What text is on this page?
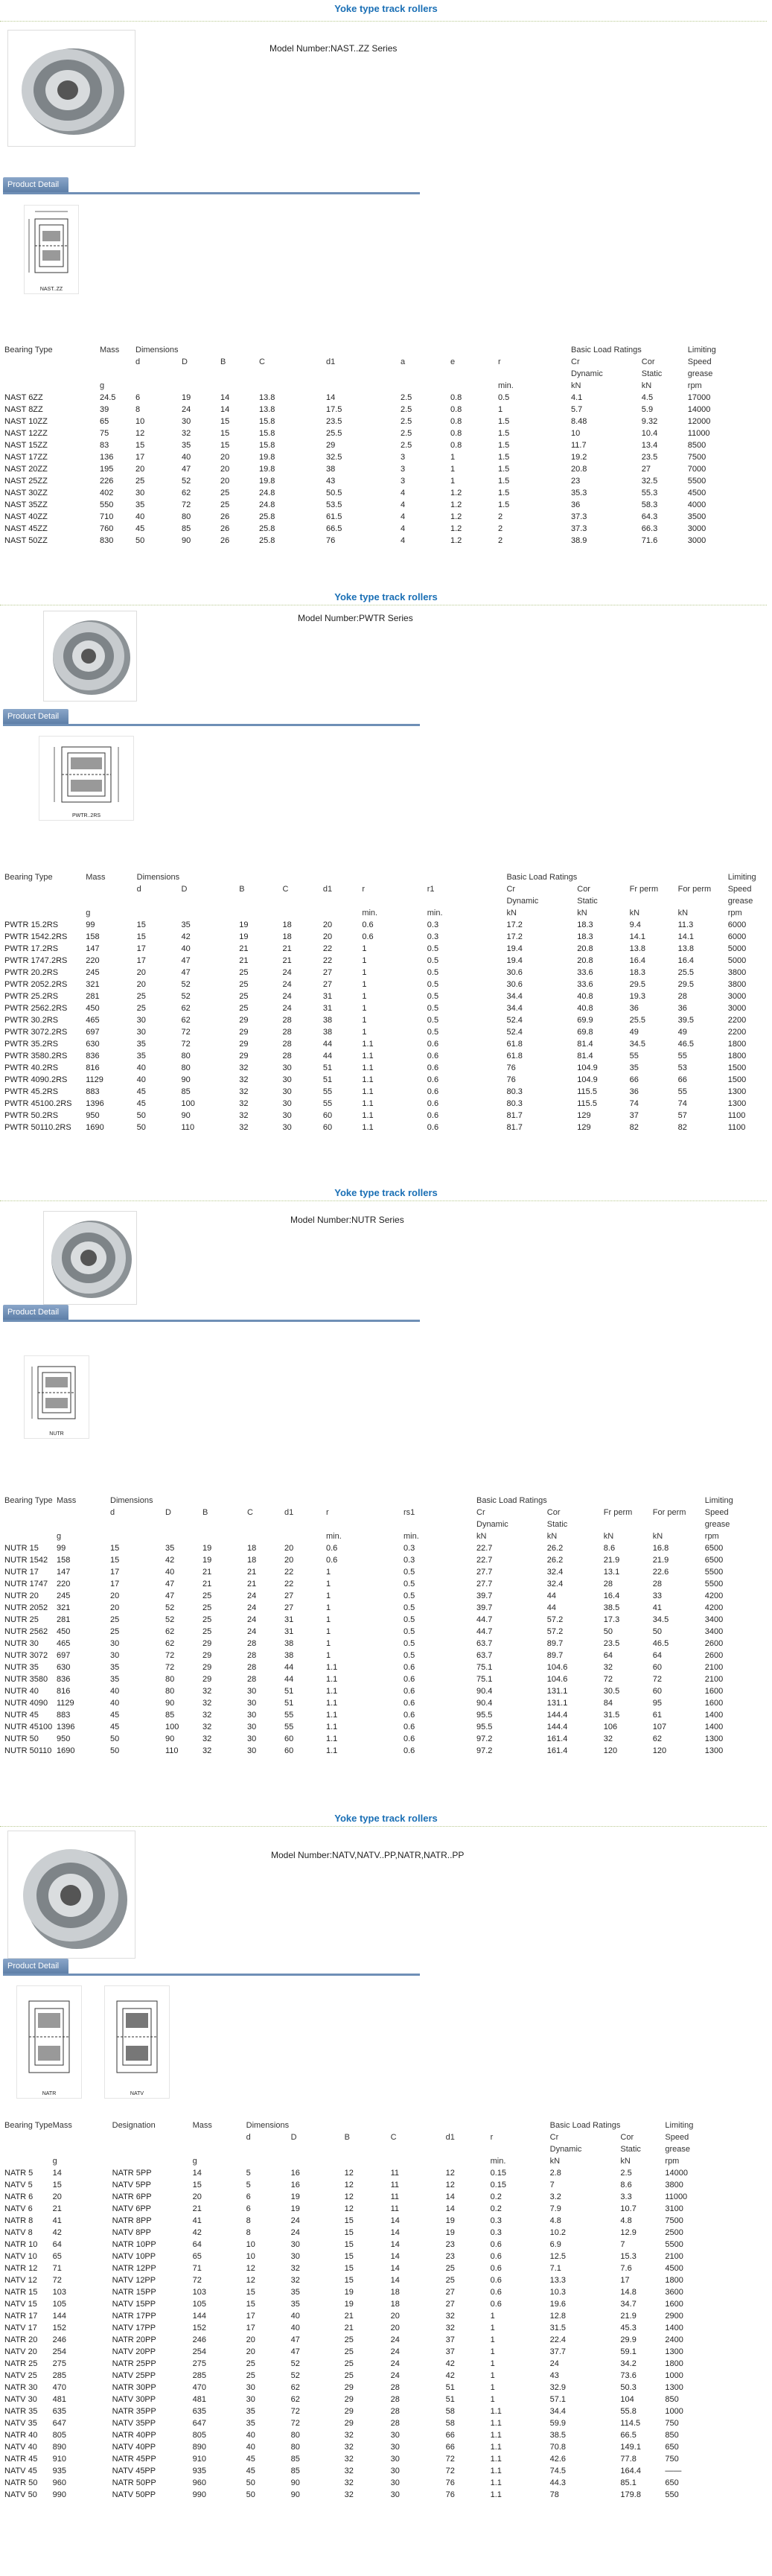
Yoke type track rollers
Model Number:NAST..ZZ Series
Product Detail
NAST..ZZ
Bearing Type	Mass	Dimensions								Basic Load Ratings		Limiting
		d	D	B	C	d1	a	e	r	Cr	Cor	Speed
										Dynamic	Static	grease
	g								min.	kN	kN	rpm
NAST 6ZZ	24.5	6	19	14	13.8	14	2.5	0.8	0.5	4.1	4.5	17000
NAST 8ZZ	39	8	24	14	13.8	17.5	2.5	0.8	1	5.7	5.9	14000
NAST 10ZZ	65	10	30	15	15.8	23.5	2.5	0.8	1.5	8.48	9.32	12000
NAST 12ZZ	75	12	32	15	15.8	25.5	2.5	0.8	1.5	10	10.4	11000
NAST 15ZZ	83	15	35	15	15.8	29	2.5	0.8	1.5	11.7	13.4	8500
NAST 17ZZ	136	17	40	20	19.8	32.5	3	1	1.5	19.2	23.5	7500
NAST 20ZZ	195	20	47	20	19.8	38	3	1	1.5	20.8	27	7000
NAST 25ZZ	226	25	52	20	19.8	43	3	1	1.5	23	32.5	5500
NAST 30ZZ	402	30	62	25	24.8	50.5	4	1.2	1.5	35.3	55.3	4500
NAST 35ZZ	550	35	72	25	24.8	53.5	4	1.2	1.5	36	58.3	4000
NAST 40ZZ	710	40	80	26	25.8	61.5	4	1.2	2	37.3	64.3	3500
NAST 45ZZ	760	45	85	26	25.8	66.5	4	1.2	2	37.3	66.3	3000
NAST 50ZZ	830	50	90	26	25.8	76	4	1.2	2	38.9	71.6	3000
Yoke type track rollers
Model Number:PWTR Series
Product Detail
PWTR..2RS
Bearing Type	Mass	Dimensions							Basic Load Ratings				Limiting
		d	D	B	C	d1	r	r1	Cr	Cor	Fr perm	For perm	Speed
									Dynamic	Static			grease
	g						min.	min.	kN	kN	kN	kN	rpm
PWTR 15.2RS	99	15	35	19	18	20	0.6	0.3	17.2	18.3	9.4	11.3	6000
PWTR 1542.2RS	158	15	42	19	18	20	0.6	0.3	17.2	18.3	14.1	14.1	6000
PWTR 17.2RS	147	17	40	21	21	22	1	0.5	19.4	20.8	13.8	13.8	5000
PWTR 1747.2RS	220	17	47	21	21	22	1	0.5	19.4	20.8	16.4	16.4	5000
PWTR 20.2RS	245	20	47	25	24	27	1	0.5	30.6	33.6	18.3	25.5	3800
PWTR 2052.2RS	321	20	52	25	24	27	1	0.5	30.6	33.6	29.5	29.5	3800
PWTR 25.2RS	281	25	52	25	24	31	1	0.5	34.4	40.8	19.3	28	3000
PWTR 2562.2RS	450	25	62	25	24	31	1	0.5	34.4	40.8	36	36	3000
PWTR 30.2RS	465	30	62	29	28	38	1	0.5	52.4	69.9	25.5	39.5	2200
PWTR 3072.2RS	697	30	72	29	28	38	1	0.5	52.4	69.8	49	49	2200
PWTR 35.2RS	630	35	72	29	28	44	1.1	0.6	61.8	81.4	34.5	46.5	1800
PWTR 3580.2RS	836	35	80	29	28	44	1.1	0.6	61.8	81.4	55	55	1800
PWTR 40.2RS	816	40	80	32	30	51	1.1	0.6	76	104.9	35	53	1500
PWTR 4090.2RS	1129	40	90	32	30	51	1.1	0.6	76	104.9	66	66	1500
PWTR 45.2RS	883	45	85	32	30	55	1.1	0.6	80.3	115.5	36	55	1300
PWTR 45100.2RS	1396	45	100	32	30	55	1.1	0.6	80.3	115.5	74	74	1300
PWTR 50.2RS	950	50	90	32	30	60	1.1	0.6	81.7	129	37	57	1100
PWTR 50110.2RS	1690	50	110	32	30	60	1.1	0.6	81.7	129	82	82	1100
Yoke type track rollers
Model Number:NUTR Series
Product Detail
NUTR
Bearing Type	Mass	Dimensions							Basic Load Ratings				Limiting
		d	D	B	C	d1	r	rs1	Cr	Cor	Fr perm	For perm	Speed
									Dynamic	Static			grease
	g						min.	min.	kN	kN	kN	kN	rpm
NUTR 15	99	15	35	19	18	20	0.6	0.3	22.7	26.2	8.6	16.8	6500
NUTR 1542	158	15	42	19	18	20	0.6	0.3	22.7	26.2	21.9	21.9	6500
NUTR 17	147	17	40	21	21	22	1	0.5	27.7	32.4	13.1	22.6	5500
NUTR 1747	220	17	47	21	21	22	1	0.5	27.7	32.4	28	28	5500
NUTR 20	245	20	47	25	24	27	1	0.5	39.7	44	16.4	33	4200
NUTR 2052	321	20	52	25	24	27	1	0.5	39.7	44	38.5	41	4200
NUTR 25	281	25	52	25	24	31	1	0.5	44.7	57.2	17.3	34.5	3400
NUTR 2562	450	25	62	25	24	31	1	0.5	44.7	57.2	50	50	3400
NUTR 30	465	30	62	29	28	38	1	0.5	63.7	89.7	23.5	46.5	2600
NUTR 3072	697	30	72	29	28	38	1	0.5	63.7	89.7	64	64	2600
NUTR 35	630	35	72	29	28	44	1.1	0.6	75.1	104.6	32	60	2100
NUTR 3580	836	35	80	29	28	44	1.1	0.6	75.1	104.6	72	72	2100
NUTR 40	816	40	80	32	30	51	1.1	0.6	90.4	131.1	30.5	60	1600
NUTR 4090	1129	40	90	32	30	51	1.1	0.6	90.4	131.1	84	95	1600
NUTR 45	883	45	85	32	30	55	1.1	0.6	95.5	144.4	31.5	61	1400
NUTR 45100	1396	45	100	32	30	55	1.1	0.6	95.5	144.4	106	107	1400
NUTR 50	950	50	90	32	30	60	1.1	0.6	97.2	161.4	32	62	1300
NUTR 50110	1690	50	110	32	30	60	1.1	0.6	97.2	161.4	120	120	1300
Yoke type track rollers
Model Number:NATV,NATV..PP,NATR,NATR..PP
Product Detail
NATR	NATV
Bearing Type	Mass	Designation	Mass	Dimensions						Basic Load Ratings		Limiting
				d	D	B	C	d1	r	Cr	Cor	Speed
										Dynamic	Static	grease
	g		g						min.	kN	kN	rpm
NATR 5	14	NATR 5PP	14	5	16	12	11	12	0.15	2.8	2.5	14000
NATV 5	15	NATV 5PP	15	5	16	12	11	12	0.15	7	8.6	3800
NATR 6	20	NATR 6PP	20	6	19	12	11	14	0.2	3.2	3.3	11000
NATV 6	21	NATV 6PP	21	6	19	12	11	14	0.2	7.9	10.7	3100
NATR 8	41	NATR 8PP	41	8	24	15	14	19	0.3	4.8	4.8	7500
NATV 8	42	NATV 8PP	42	8	24	15	14	19	0.3	10.2	12.9	2500
NATR 10	64	NATR 10PP	64	10	30	15	14	23	0.6	6.9	7	5500
NATV 10	65	NATV 10PP	65	10	30	15	14	23	0.6	12.5	15.3	2100
NATR 12	71	NATR 12PP	71	12	32	15	14	25	0.6	7.1	7.6	4500
NATV 12	72	NATV 12PP	72	12	32	15	14	25	0.6	13.3	17	1800
NATR 15	103	NATR 15PP	103	15	35	19	18	27	0.6	10.3	14.8	3600
NATV 15	105	NATV 15PP	105	15	35	19	18	27	0.6	19.6	34.7	1600
NATR 17	144	NATR 17PP	144	17	40	21	20	32	1	12.8	21.9	2900
NATV 17	152	NATV 17PP	152	17	40	21	20	32	1	31.5	45.3	1400
NATR 20	246	NATR 20PP	246	20	47	25	24	37	1	22.4	29.9	2400
NATV 20	254	NATV 20PP	254	20	47	25	24	37	1	37.7	59.1	1300
NATR 25	275	NATR 25PP	275	25	52	25	24	42	1	24	34.2	1800
NATV 25	285	NATV 25PP	285	25	52	25	24	42	1	43	73.6	1000
NATR 30	470	NATR 30PP	470	30	62	29	28	51	1	32.9	50.3	1300
NATV 30	481	NATV 30PP	481	30	62	29	28	51	1	57.1	104	850
NATR 35	635	NATR 35PP	635	35	72	29	28	58	1.1	34.4	55.8	1000
NATV 35	647	NATV 35PP	647	35	72	29	28	58	1.1	59.9	114.5	750
NATR 40	805	NATR 40PP	805	40	80	32	30	66	1.1	38.5	66.5	850
NATV 40	890	NATV 40PP	890	40	80	32	30	66	1.1	70.8	149.1	650
NATR 45	910	NATR 45PP	910	45	85	32	30	72	1.1	42.6	77.8	750
NATV 45	935	NATV 45PP	935	45	85	32	30	72	1.1	74.5	164.4	——
NATR 50	960	NATR 50PP	960	50	90	32	30	76	1.1	44.3	85.1	650
NATV 50	990	NATV 50PP	990	50	90	32	30	76	1.1	78	179.8	550
